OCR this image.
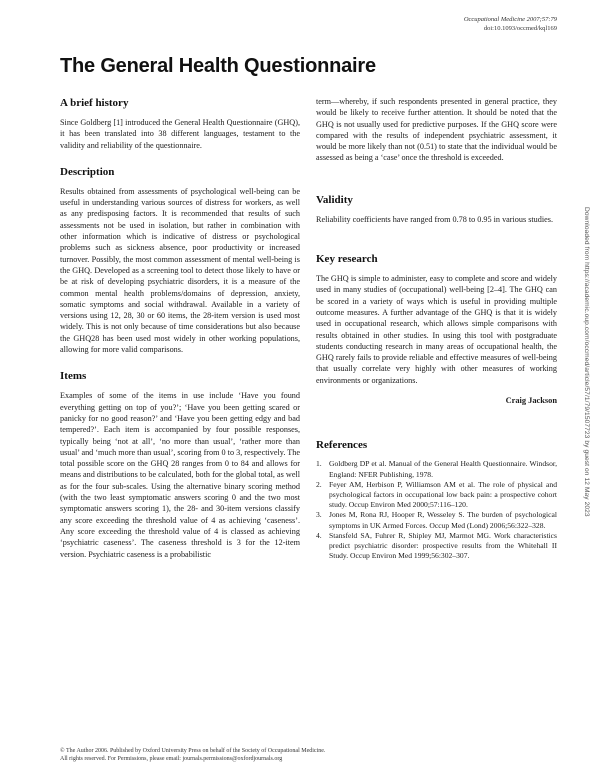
Occupational Medicine 2007;57:79
doi:10.1093/occmed/kql169
The General Health Questionnaire
A brief history

Since Goldberg [1] introduced the General Health Questionnaire (GHQ), it has been translated into 38 different languages, testament to the validity and reliability of the questionnaire.

Description

Results obtained from assessments of psychological well-being can be useful in understanding various sources of distress for workers, as well as any predisposing factors. It is recommended that results of such assessments not be used in isolation, but rather in combination with other information which is indicative of distress or psychological problems such as sickness absence, poor productivity or increased turnover. Possibly, the most common assessment of mental well-being is the GHQ. Developed as a screening tool to detect those likely to have or be at risk of developing psychiatric disorders, it is a measure of the common mental health problems/domains of depression, anxiety, somatic symptoms and social withdrawal. Available in a variety of versions using 12, 28, 30 or 60 items, the 28-item version is used most widely. This is not only because of time considerations but also because the GHQ28 has been used most widely in other working populations, allowing for more valid comparisons.

Items

Examples of some of the items in use include ‘Have you found everything getting on top of you?’; ‘Have you been getting scared or panicky for no good reason?’ and ‘Have you been getting edgy and bad tempered?’. Each item is accompanied by four possible responses, typically being ‘not at all’, ‘no more than usual’, ‘rather more than usual’ and ‘much more than usual’, scoring from 0 to 3, respectively. The total possible score on the GHQ 28 ranges from 0 to 84 and allows for means and distributions to be calculated, both for the global total, as well as for the four sub-scales. Using the alternative binary scoring method (with the two least symptomatic answers scoring 0 and the two most symptomatic answers scoring 1), the 28- and 30-item versions classify any score exceeding the threshold value of 4 as achieving ‘caseness’. Any score exceeding the threshold value of 4 is classed as achieving ‘psychiatric caseness’. The caseness threshold is 3 for the 12-item version. Psychiatric caseness is a probabilistic

term—whereby, if such respondents presented in general practice, they would be likely to receive further attention. It should be noted that the GHQ is not usually used for predictive purposes. If the GHQ score were compared with the results of independent psychiatric assessment, it would be more likely than not (0.51) to state that the individual would be assessed as being a ‘case’ once the threshold is exceeded.

Validity

Reliability coefficients have ranged from 0.78 to 0.95 in various studies.

Key research

The GHQ is simple to administer, easy to complete and score and widely used in many studies of (occupational) well-being [2–4]. The GHQ can be scored in a variety of ways which is useful in providing multiple outcome measures. A further advantage of the GHQ is that it is widely used in occupational research, which allows simple comparisons with results obtained in other studies. In using this tool with postgraduate students conducting research in many areas of occupational health, the GHQ rarely fails to provide reliable and effective measures of well-being that usually correlate very highly with other measures of working environments or organizations.

Craig Jackson
References
1. Goldberg DP et al. Manual of the General Health Questionnaire. Windsor, England: NFER Publishing, 1978.
2. Feyer AM, Herbison P, Williamson AM et al. The role of physical and psychological factors in occupational low back pain: a prospective cohort study. Occup Environ Med 2000;57:116–120.
3. Jones M, Rona RJ, Hooper R, Wesseley S. The burden of psychological symptoms in UK Armed Forces. Occup Med (Lond) 2006;56:322–328.
4. Stansfeld SA, Fuhrer R, Shipley MJ, Marmot MG. Work characteristics predict psychiatric disorder: prospective results from the Whitehall II Study. Occup Environ Med 1999;56:302–307.
Downloaded from https://academic.oup.com/occmed/article/57/1/79/1507723 by guest on 12 May 2023
© The Author 2006. Published by Oxford University Press on behalf of the Society of Occupational Medicine.
All rights reserved. For Permissions, please email: journals.permissions@oxfordjournals.org
